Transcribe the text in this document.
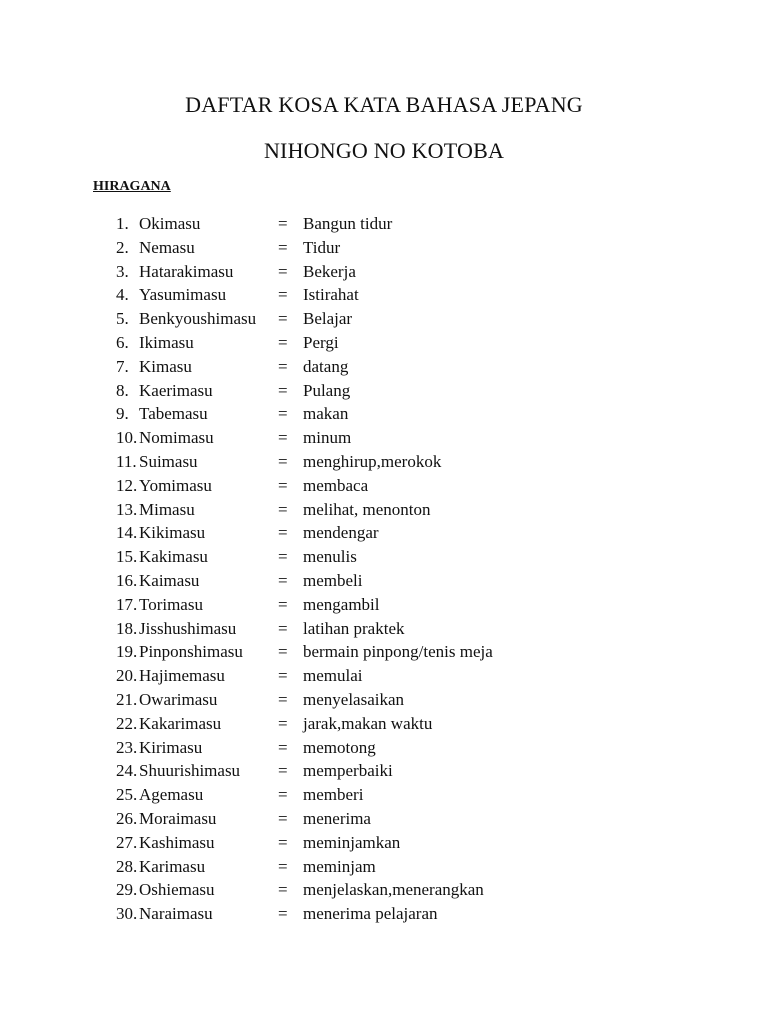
DAFTAR KOSA KATA BAHASA JEPANG
NIHONGO NO KOTOBA
HIRAGANA
1. Okimasu	= Bangun tidur
2. Nemasu	= Tidur
3. Hatarakimasu	= Bekerja
4. Yasumimasu	= Istirahat
5. Benkyoushimasu = Belajar
6. Ikimasu	= Pergi
7. Kimasu	= datang
8. Kaerimasu	= Pulang
9. Tabemasu	= makan
10. Nomimasu	= minum
11. Suimasu	= menghirup,merokok
12. Yomimasu	= membaca
13. Mimasu	= melihat, menonton
14. Kikimasu	= mendengar
15. Kakimasu	= menulis
16. Kaimasu	= membeli
17. Torimasu	= mengambil
18. Jisshushimasu = latihan praktek
19. Pinponshimasu = bermain pinpong/tenis meja
20. Hajimemasu	= memulai
21. Owarimasu	= menyelasaikan
22. Kakarimasu	= jarak,makan waktu
23. Kirimasu	= memotong
24. Shuurishimasu = memperbaiki
25. Agemasu	= memberi
26. Moraimasu	= menerima
27. Kashimasu	= meminjamkan
28. Karimasu	= meminjam
29. Oshiemasu	= menjelaskan,menerangkan
30. Naraimasu	= menerima pelajaran
